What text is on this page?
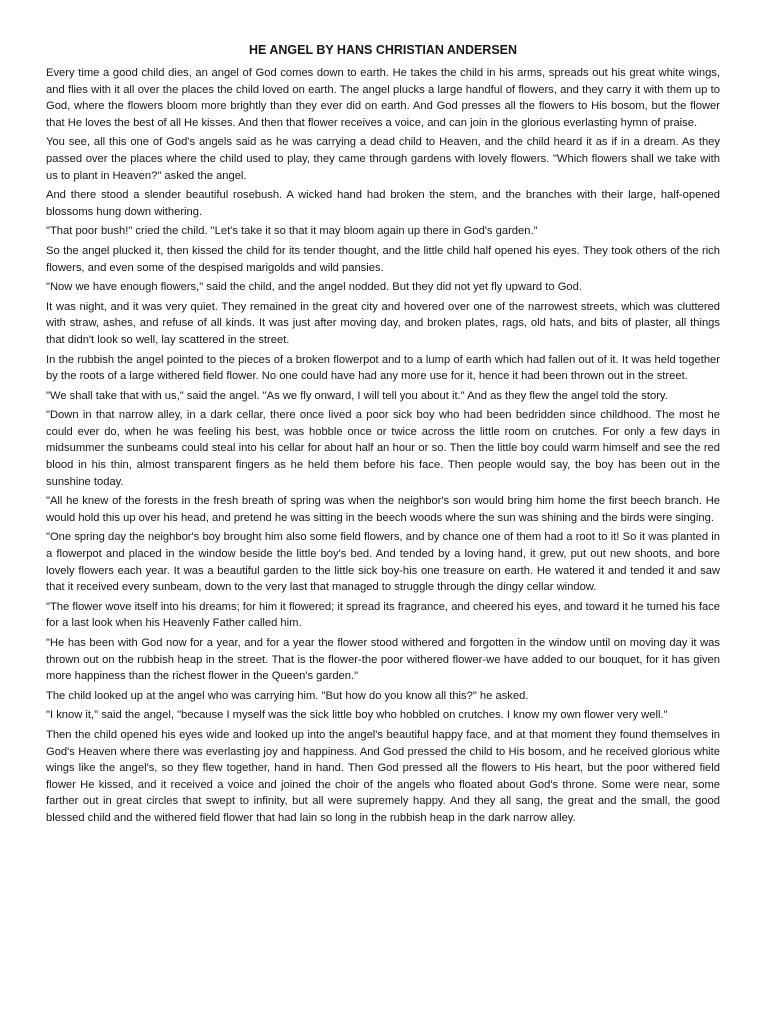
HE ANGEL BY HANS CHRISTIAN ANDERSEN

Every time a good child dies, an angel of God comes down to earth. He takes the child in his arms, spreads out his great white wings, and flies with it all over the places the child loved on earth. The angel plucks a large handful of flowers, and they carry it with them up to God, where the flowers bloom more brightly than they ever did on earth. And God presses all the flowers to His bosom, but the flower that He loves the best of all He kisses. And then that flower receives a voice, and can join in the glorious everlasting hymn of praise.

You see, all this one of God's angels said as he was carrying a dead child to Heaven, and the child heard it as if in a dream. As they passed over the places where the child used to play, they came through gardens with lovely flowers. "Which flowers shall we take with us to plant in Heaven?" asked the angel.

And there stood a slender beautiful rosebush. A wicked hand had broken the stem, and the branches with their large, half-opened blossoms hung down withering.

"That poor bush!" cried the child. "Let's take it so that it may bloom again up there in God's garden."

So the angel plucked it, then kissed the child for its tender thought, and the little child half opened his eyes. They took others of the rich flowers, and even some of the despised marigolds and wild pansies.

"Now we have enough flowers," said the child, and the angel nodded. But they did not yet fly upward to God.

It was night, and it was very quiet. They remained in the great city and hovered over one of the narrowest streets, which was cluttered with straw, ashes, and refuse of all kinds. It was just after moving day, and broken plates, rags, old hats, and bits of plaster, all things that didn't look so well, lay scattered in the street.

In the rubbish the angel pointed to the pieces of a broken flowerpot and to a lump of earth which had fallen out of it. It was held together by the roots of a large withered field flower. No one could have had any more use for it, hence it had been thrown out in the street.

"We shall take that with us," said the angel. "As we fly onward, I will tell you about it." And as they flew the angel told the story.

"Down in that narrow alley, in a dark cellar, there once lived a poor sick boy who had been bedridden since childhood. The most he could ever do, when he was feeling his best, was hobble once or twice across the little room on crutches. For only a few days in midsummer the sunbeams could steal into his cellar for about half an hour or so. Then the little boy could warm himself and see the red blood in his thin, almost transparent fingers as he held them before his face. Then people would say, the boy has been out in the sunshine today.

"All he knew of the forests in the fresh breath of spring was when the neighbor's son would bring him home the first beech branch. He would hold this up over his head, and pretend he was sitting in the beech woods where the sun was shining and the birds were singing.

"One spring day the neighbor's boy brought him also some field flowers, and by chance one of them had a root to it! So it was planted in a flowerpot and placed in the window beside the little boy's bed. And tended by a loving hand, it grew, put out new shoots, and bore lovely flowers each year. It was a beautiful garden to the little sick boy-his one treasure on earth. He watered it and tended it and saw that it received every sunbeam, down to the very last that managed to struggle through the dingy cellar window.

"The flower wove itself into his dreams; for him it flowered; it spread its fragrance, and cheered his eyes, and toward it he turned his face for a last look when his Heavenly Father called him.

"He has been with God now for a year, and for a year the flower stood withered and forgotten in the window until on moving day it was thrown out on the rubbish heap in the street. That is the flower-the poor withered flower-we have added to our bouquet, for it has given more happiness than the richest flower in the Queen's garden."

The child looked up at the angel who was carrying him. "But how do you know all this?" he asked.

"I know it," said the angel, "because I myself was the sick little boy who hobbled on crutches. I know my own flower very well."

Then the child opened his eyes wide and looked up into the angel's beautiful happy face, and at that moment they found themselves in God's Heaven where there was everlasting joy and happiness. And God pressed the child to His bosom, and he received glorious white wings like the angel's, so they flew together, hand in hand. Then God pressed all the flowers to His heart, but the poor withered field flower He kissed, and it received a voice and joined the choir of the angels who floated about God's throne. Some were near, some farther out in great circles that swept to infinity, but all were supremely happy. And they all sang, the great and the small, the good blessed child and the withered field flower that had lain so long in the rubbish heap in the dark narrow alley.
